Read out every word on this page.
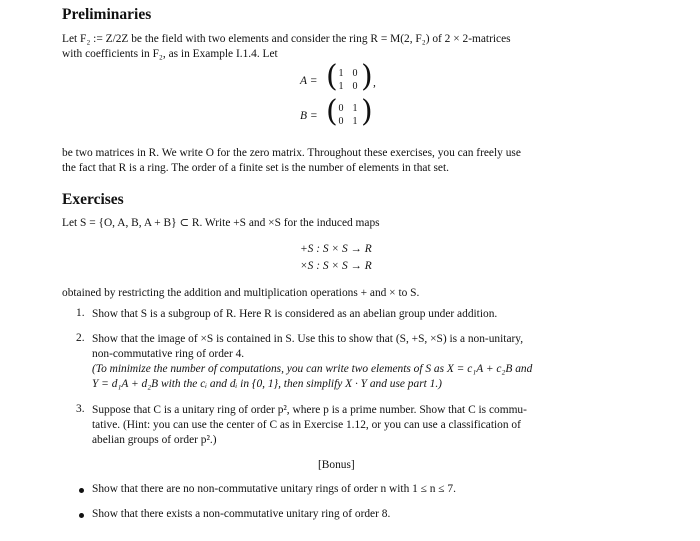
Preliminaries
Let F₂ := Z/2Z be the field with two elements and consider the ring R = M(2, F₂) of 2 × 2-matrices
with coefficients in F₂, as in Example I.1.4. Let
A = ( 1 0
1 0 ) ,
B = ( 0 1
0 1 )
be two matrices in R. We write O for the zero matrix. Throughout these exercises, you can freely use
the fact that R is a ring. The order of a finite set is the number of elements in that set.
Exercises
Let S = {O, A, B, A + B} ⊂ R. Write +S and ×S for the induced maps
+S : S × S → R
×S : S × S → R
obtained by restricting the addition and multiplication operations + and × to S.
1. Show that S is a subgroup of R. Here R is considered as an abelian group under addition.
2. Show that the image of ×S is contained in S. Use this to show that (S, +S, ×S) is a non-unitary,
non-commutative ring of order 4.
(To minimize the number of computations, you can write two elements of S as X = c₁A + c₂B and
Y = d₁A + d₂B with the cᵢ and dᵢ in {0, 1}, then simplify X · Y and use part 1.)
3. Suppose that C is a unitary ring of order p², where p is a prime number. Show that C is commu-
tative. (Hint: you can use the center of C as in Exercise 1.12, or you can use a classification of
abelian groups of order p².)
[Bonus]
Show that there are no non-commutative unitary rings of order n with 1 ≤ n ≤ 7.
Show that there exists a non-commutative unitary ring of order 8.
